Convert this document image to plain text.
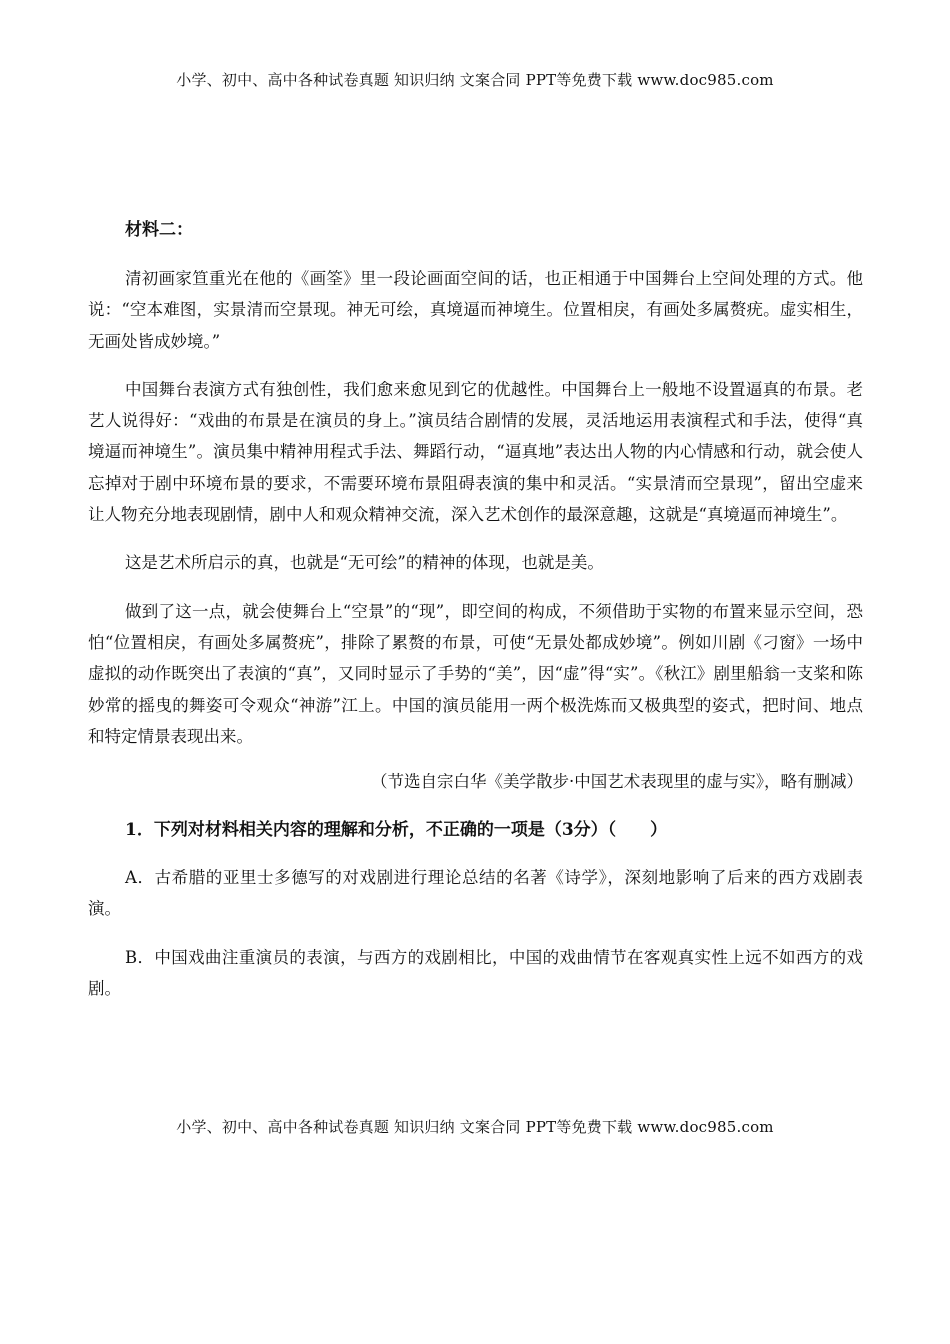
小学、初中、高中各种试卷真题 知识归纳 文案合同 PPT等免费下载 www.doc985.com
材料二：

清初画家笪重光在他的《画筌》里一段论画面空间的话，也正相通于中国舞台上空间处理的方式。他说：“空本难图，实景清而空景现。神无可绘，真境逼而神境生。位置相戾，有画处多属赘疣。虚实相生，无画处皆成妙境。”

中国舞台表演方式有独创性，我们愈来愈见到它的优越性。中国舞台上一般地不设置逼真的布景。老艺人说得好：“戏曲的布景是在演员的身上。”演员结合剧情的发展，灵活地运用表演程式和手法，使得“真境逼而神境生”。演员集中精神用程式手法、舞蹈行动，“逼真地”表达出人物的内心情感和行动，就会使人忘掉对于剧中环境布景的要求，不需要环境布景阻碍表演的集中和灵活。“实景清而空景现”，留出空虚来让人物充分地表现剧情，剧中人和观众精神交流，深入艺术创作的最深意趣，这就是“真境逼而神境生”。

这是艺术所启示的真，也就是“无可绘”的精神的体现，也就是美。

做到了这一点，就会使舞台上“空景”的“现”，即空间的构成，不须借助于实物的布置来显示空间，恐怕“位置相戾，有画处多属赘疣”，排除了累赘的布景，可使“无景处都成妙境”。例如川剧《刁窗》一场中虚拟的动作既突出了表演的“真”，又同时显示了手势的“美”，因“虚”得“实”。《秋江》剧里船翁一支桨和陈妙常的摇曳的舞姿可令观众“神游”江上。中国的演员能用一两个极洗炼而又极典型的姿式，把时间、地点和特定情景表现出来。

（节选自宗白华《美学散步·中国艺术表现里的虚与实》，略有删减）
1．下列对材料相关内容的理解和分析，不正确的一项是（3分）（　　）

A．古希腊的亚里士多德写的对戏剧进行理论总结的名著《诗学》，深刻地影响了后来的西方戏剧表演。

B．中国戏曲注重演员的表演，与西方的戏剧相比，中国的戏曲情节在客观真实性上远不如西方的戏剧。

小学、初中、高中各种试卷真题 知识归纳 文案合同 PPT等免费下载 www.doc985.com
